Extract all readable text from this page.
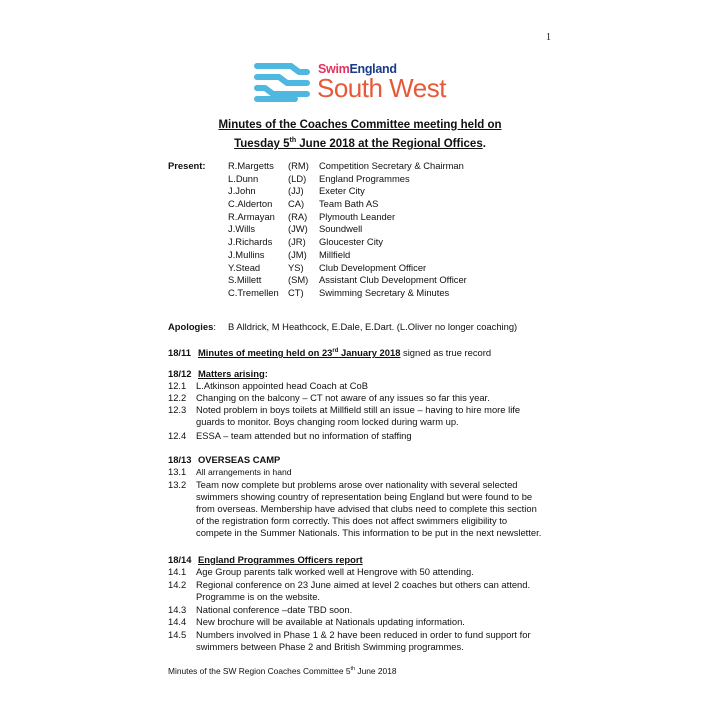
1
SwimEngland
South West
Minutes of the Coaches Committee meeting held on
Tuesday 5th June 2018 at the Regional Offices.
Present: R.Margetts (RM) Competition Secretary & Chairman
L.Dunn	(LD) England Programmes
J.John	(JJ) Exeter City
C.Alderton CA) Team Bath AS
R.Armayan (RA) Plymouth Leander
J.Wills	(JW) Soundwell
J.Richards (JR) Gloucester City
J.Mullins	(JM) Millfield
Y.Stead	YS) Club Development Officer
S.Millett	(SM) Assistant Club Development Officer
C.Tremellen CT) Swimming Secretary & Minutes
Apologies: B Alldrick, M Heathcock, E.Dale, E.Dart. (L.Oliver no longer coaching)
18/11 Minutes of meeting held on 23rd January 2018 signed as true record
18/12 Matters arising:
12.1 L.Atkinson appointed head Coach at CoB
12.2 Changing on the balcony – CT not aware of any issues so far this year.
12.3 Noted problem in boys toilets at Millfield still an issue – having to hire more life
guards to monitor. Boys changing room locked during warm up.
12.4 ESSA – team attended but no information of staffing
18/13 OVERSEAS CAMP
13.1 All arrangements in hand
13.2 Team now complete but problems arose over nationality with several selected
swimmers showing country of representation being England but were found to be
from overseas. Membership have advised that clubs need to complete this section
of the registration form correctly. This does not affect swimmers eligibility to
compete in the Summer Nationals. This information to be put in the next newsletter.
18/14 England Programmes Officers report
14.1 Age Group parents talk worked well at Hengrove with 50 attending.
14.2 Regional conference on 23 June aimed at level 2 coaches but others can attend.
Programme is on the website.
14.3 National conference –date TBD soon.
14.4 New brochure will be available at Nationals updating information.
14.5 Numbers involved in Phase 1 & 2 have been reduced in order to fund support for
swimmers between Phase 2 and British Swimming programmes.
Minutes of the SW Region Coaches Committee 5th June 2018
